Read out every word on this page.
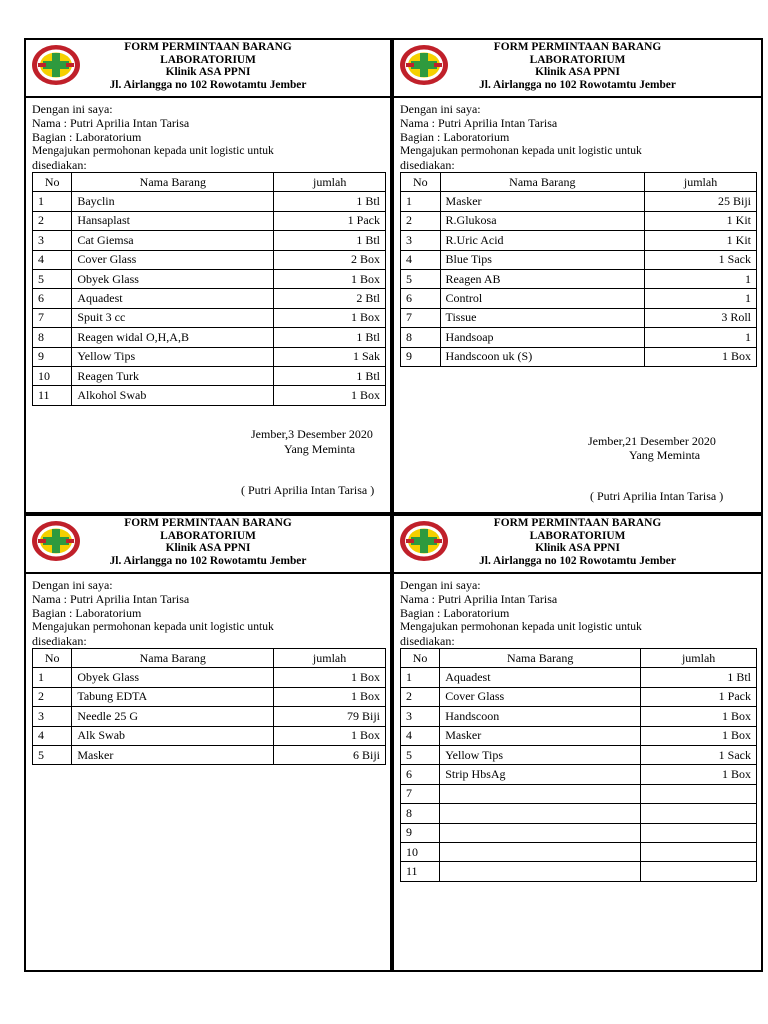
FORM PERMINTAAN BARANG
LABORATORIUM
Klinik ASA PPNI
Jl. Airlangga no 102 Rowotamtu Jember
Dengan ini saya:
Nama : Putri Aprilia Intan Tarisa
Bagian : Laboratorium
Mengajukan permohonan kepada unit logistic untuk
disediakan:
No	Nama Barang	jumlah
1	Bayclin	1 Btl
2	Hansaplast	1 Pack
3	Cat Giemsa	1 Btl
4	Cover Glass	2 Box
5	Obyek Glass	1 Box
6	Aquadest	2 Btl
7	Spuit 3 cc	1 Box
8	Reagen widal O,H,A,B	1 Btl
9	Yellow Tips	1 Sak
10	Reagen Turk	1 Btl
11	Alkohol Swab	1 Box
Jember,3 Desember 2020
Yang Meminta
( Putri Aprilia Intan Tarisa )
FORM PERMINTAAN BARANG
LABORATORIUM
Klinik ASA PPNI
Jl. Airlangga no 102 Rowotamtu Jember
Dengan ini saya:
Nama : Putri Aprilia Intan Tarisa
Bagian : Laboratorium
Mengajukan permohonan kepada unit logistic untuk
disediakan:
No	Nama Barang	jumlah
1	Masker	25 Biji
2	R.Glukosa	1 Kit
3	R.Uric Acid	1 Kit
4	Blue Tips	1 Sack
5	Reagen AB	1
6	Control	1
7	Tissue	3 Roll
8	Handsoap	1
9	Handscoon uk (S)	1 Box
Jember,21 Desember 2020
Yang Meminta
( Putri Aprilia Intan Tarisa )
FORM PERMINTAAN BARANG
LABORATORIUM
Klinik ASA PPNI
Jl. Airlangga no 102 Rowotamtu Jember
Dengan ini saya:
Nama : Putri Aprilia Intan Tarisa
Bagian : Laboratorium
Mengajukan permohonan kepada unit logistic untuk
disediakan:
No	Nama Barang	jumlah
1	Obyek Glass	1 Box
2	Tabung EDTA	1 Box
3	Needle 25 G	79 Biji
4	Alk Swab	1 Box
5	Masker	6 Biji
FORM PERMINTAAN BARANG
LABORATORIUM
Klinik ASA PPNI
Jl. Airlangga no 102 Rowotamtu Jember
Dengan ini saya:
Nama : Putri Aprilia Intan Tarisa
Bagian : Laboratorium
Mengajukan permohonan kepada unit logistic untuk
disediakan:
No	Nama Barang	jumlah
1	Aquadest	1 Btl
2	Cover Glass	1 Pack
3	Handscoon	1 Box
4	Masker	1 Box
5	Yellow Tips	1 Sack
6	Strip HbsAg	1 Box
7		
8		
9		
10		
11		
